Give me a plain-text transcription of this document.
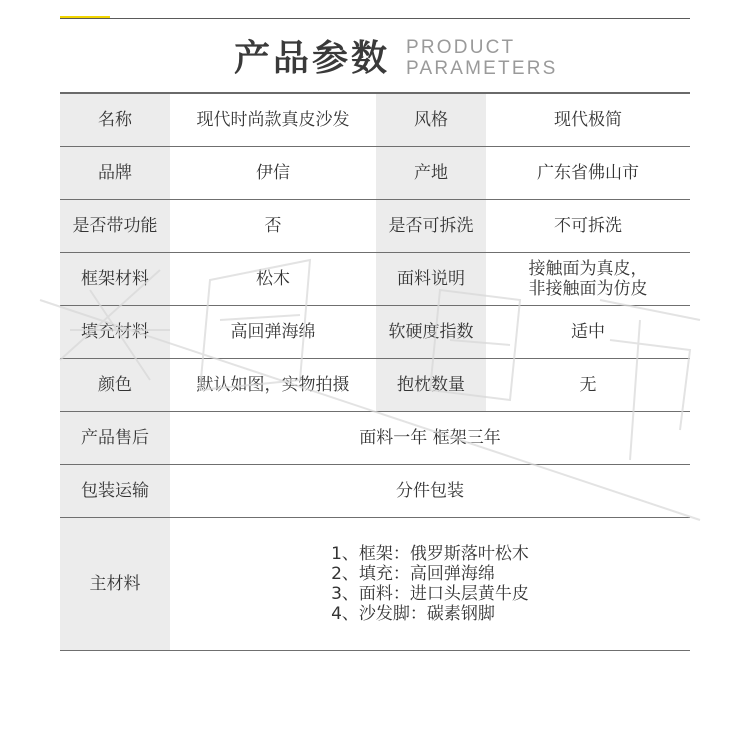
产品参数 PRODUCT
PARAMETERS
名称	现代时尚款真皮沙发	风格	现代极简
品牌	伊信	产地	广东省佛山市
是否带功能	否	是否可拆洗	不可拆洗
框架材料	松木	面料说明	接触面为真皮，
非接触面为仿皮
填充材料	高回弹海绵	软硬度指数	适中
颜色	默认如图，实物拍摄	抱枕数量	无
产品售后	面料一年 框架三年
包装运输	分件包装
主材料
1、框架：俄罗斯落叶松木
2、填充：高回弹海绵
3、面料：进口头层黄牛皮
4、沙发脚：碳素钢脚
